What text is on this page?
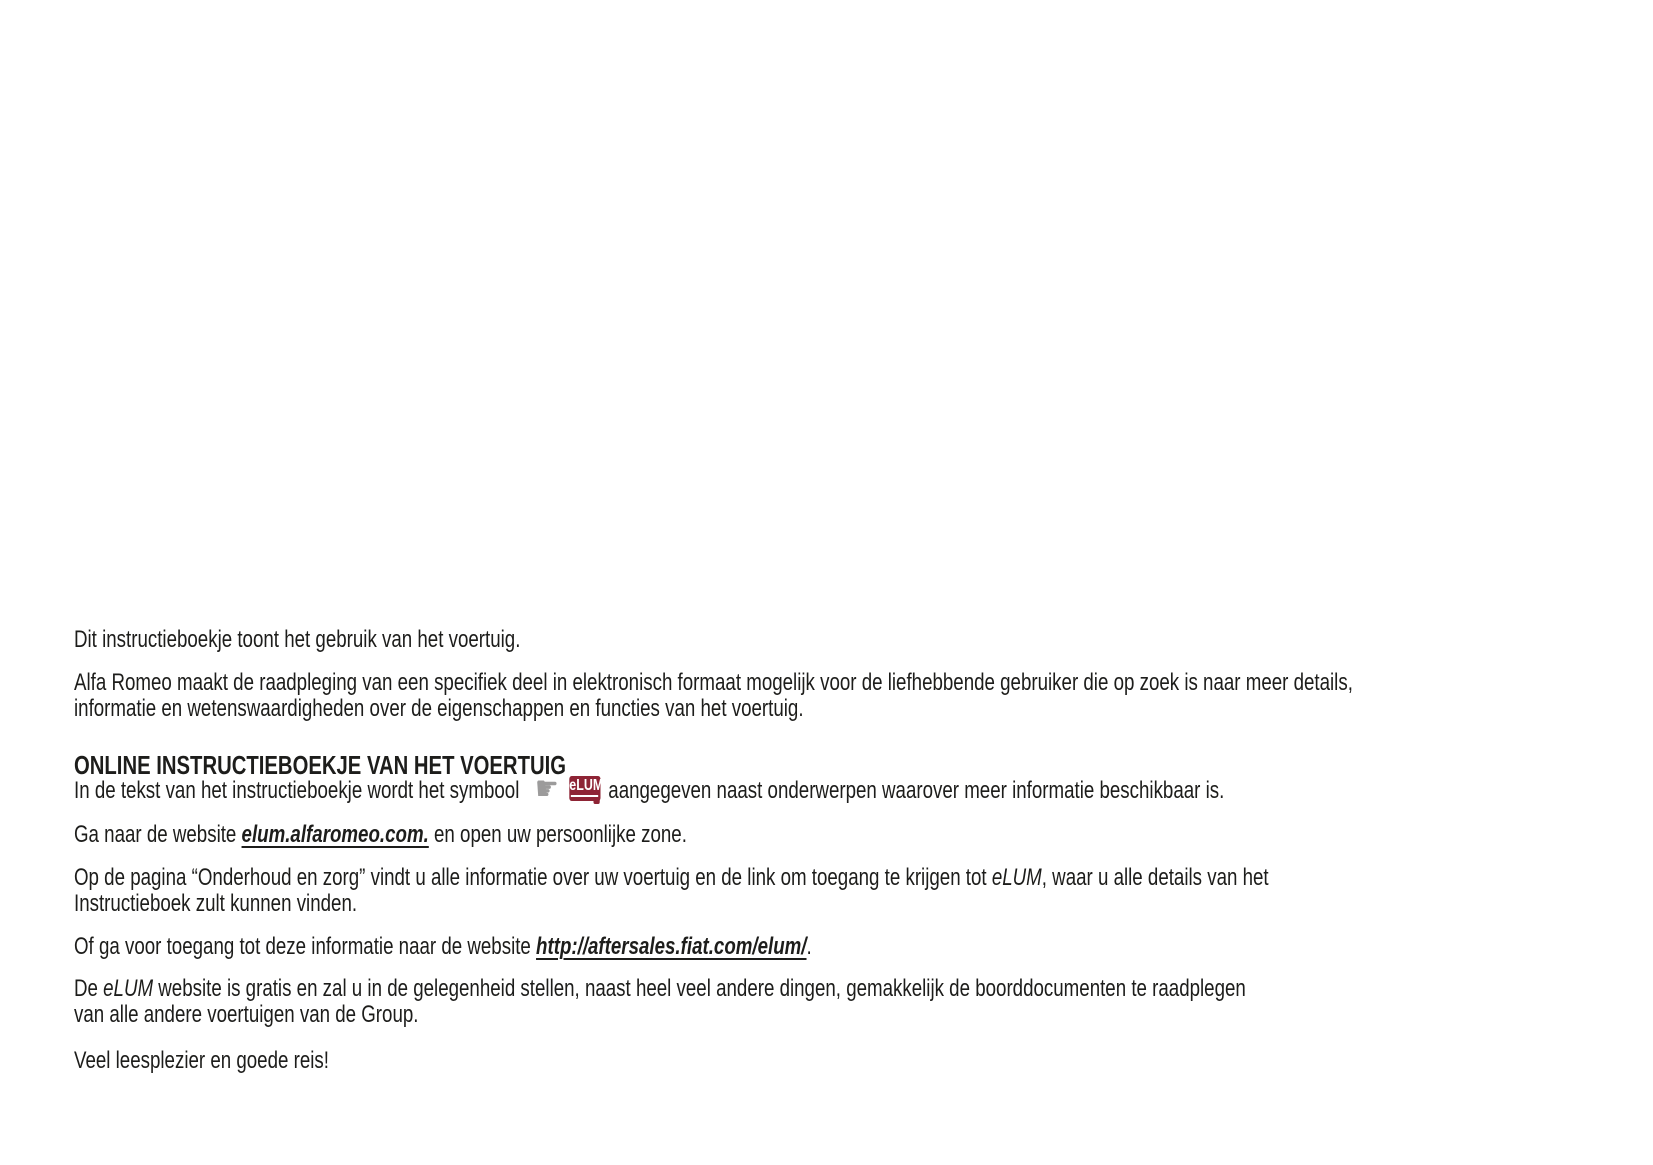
Dit instructieboekje toont het gebruik van het voertuig.

Alfa Romeo maakt de raadpleging van een specifiek deel in elektronisch formaat mogelijk voor de liefhebbende gebruiker die op zoek is naar meer details,
informatie en wetenswaardigheden over de eigenschappen en functies van het voertuig.

ONLINE INSTRUCTIEBOEKJE VAN HET VOERTUIG

In de tekst van het instructieboekje wordt het symbool ☛ eLUM aangegeven naast onderwerpen waarover meer informatie beschikbaar is.

Ga naar de website elum.alfaromeo.com. en open uw persoonlijke zone.

Op de pagina “Onderhoud en zorg” vindt u alle informatie over uw voertuig en de link om toegang te krijgen tot eLUM, waar u alle details van het
Instructieboek zult kunnen vinden.

Of ga voor toegang tot deze informatie naar de website http://aftersales.fiat.com/elum/.

De eLUM website is gratis en zal u in de gelegenheid stellen, naast heel veel andere dingen, gemakkelijk de boorddocumenten te raadplegen
van alle andere voertuigen van de Group.

Veel leesplezier en goede reis!
